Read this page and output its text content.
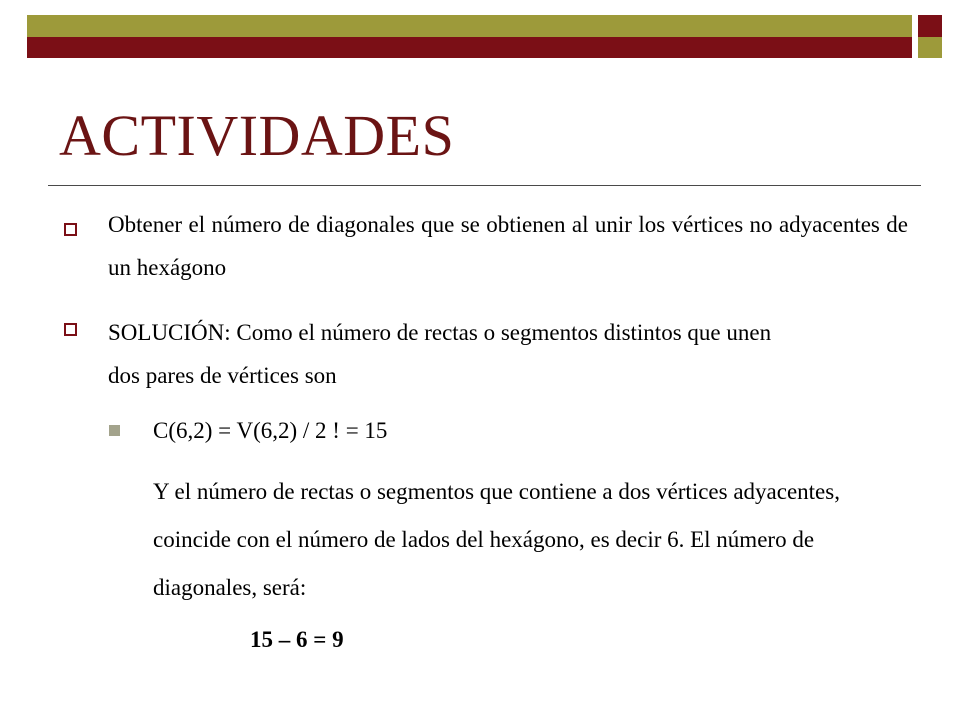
ACTIVIDADES
Obtener el número de diagonales que se obtienen al unir los vértices no adyacentes de un hexágono
SOLUCIÓN: Como el número de rectas o segmentos distintos que unen dos pares de vértices son
C(6,2) = V(6,2) / 2 ! = 15
Y el número de rectas o segmentos que contiene a dos vértices adyacentes, coincide con el número de lados del hexágono, es decir 6. El número de diagonales, será:
15 – 6 = 9
